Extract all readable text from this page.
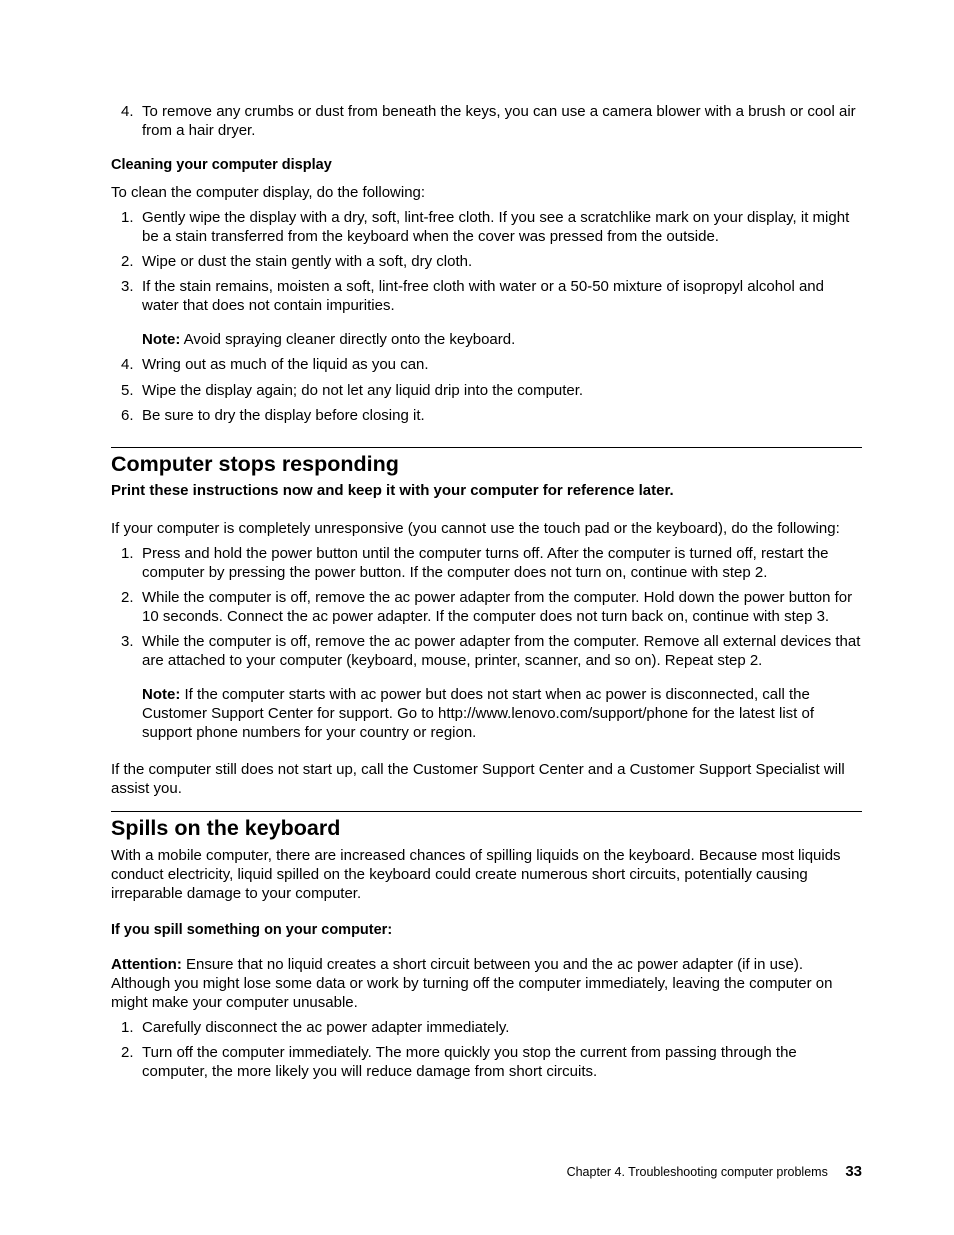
4. To remove any crumbs or dust from beneath the keys, you can use a camera blower with a brush or cool air from a hair dryer.
Cleaning your computer display

To clean the computer display, do the following:

1. Gently wipe the display with a dry, soft, lint-free cloth. If you see a scratchlike mark on your display, it might be a stain transferred from the keyboard when the cover was pressed from the outside.
2. Wipe or dust the stain gently with a soft, dry cloth.
3. If the stain remains, moisten a soft, lint-free cloth with water or a 50-50 mixture of isopropyl alcohol and water that does not contain impurities.
Note: Avoid spraying cleaner directly onto the keyboard.
4. Wring out as much of the liquid as you can.
5. Wipe the display again; do not let any liquid drip into the computer.
6. Be sure to dry the display before closing it.
Computer stops responding

Print these instructions now and keep it with your computer for reference later.

If your computer is completely unresponsive (you cannot use the touch pad or the keyboard), do the following:

1. Press and hold the power button until the computer turns off. After the computer is turned off, restart the computer by pressing the power button. If the computer does not turn on, continue with step 2.
2. While the computer is off, remove the ac power adapter from the computer. Hold down the power button for 10 seconds. Connect the ac power adapter. If the computer does not turn back on, continue with step 3.
3. While the computer is off, remove the ac power adapter from the computer. Remove all external devices that are attached to your computer (keyboard, mouse, printer, scanner, and so on). Repeat step 2.
Note: If the computer starts with ac power but does not start when ac power is disconnected, call the Customer Support Center for support. Go to http://www.lenovo.com/support/phone for the latest list of support phone numbers for your country or region.

If the computer still does not start up, call the Customer Support Center and a Customer Support Specialist will assist you.

Spills on the keyboard

With a mobile computer, there are increased chances of spilling liquids on the keyboard. Because most liquids conduct electricity, liquid spilled on the keyboard could create numerous short circuits, potentially causing irreparable damage to your computer.

If you spill something on your computer:

Attention: Ensure that no liquid creates a short circuit between you and the ac power adapter (if in use). Although you might lose some data or work by turning off the computer immediately, leaving the computer on might make your computer unusable.

1. Carefully disconnect the ac power adapter immediately.
2. Turn off the computer immediately. The more quickly you stop the current from passing through the computer, the more likely you will reduce damage from short circuits.
Chapter 4. Troubleshooting computer problems 33
